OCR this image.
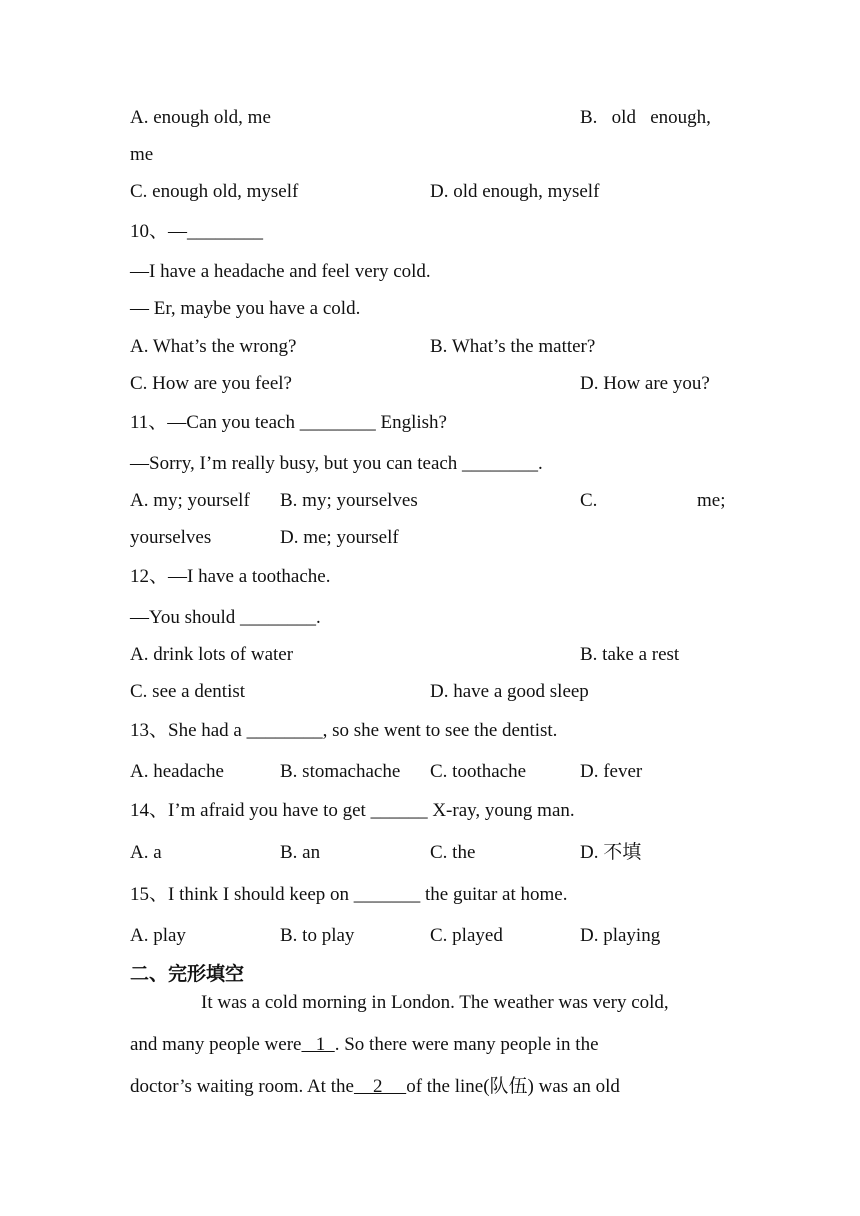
A. enough old, me	B.   old   enough,
me
C. enough old, myself	D. old enough, myself
10、—________
—I have a headache and feel very cold.
— Er, maybe you have a cold.
A. What’s the wrong?	B. What’s the matter?
C. How are you feel?	D. How are you?
11、—Can you teach ________ English?
—Sorry, I’m really busy, but you can teach ________.
A. my; yourself B. my; yourselves	C.	me;
yourselves	D. me; yourself
12、—I have a toothache.
—You should ________.
A. drink lots of water	B. take a rest
C. see a dentist	D. have a good sleep
13、She had a ________, so she went to see the dentist.
A. headache	B. stomachache C. toothache	D. fever
14、I’m afraid you have to get ______ X-ray, young man.
A. a	B. an	C. the	D. 不填
15、I think I should keep on _______ the guitar at home.
A. play	B. to play	C. played	D. playing
二、完形填空
It was a cold morning in London. The weather was very cold,
and many people were   1  . So there were many people in the
doctor’s waiting room. At the    2     of the line(队伍) was an old
